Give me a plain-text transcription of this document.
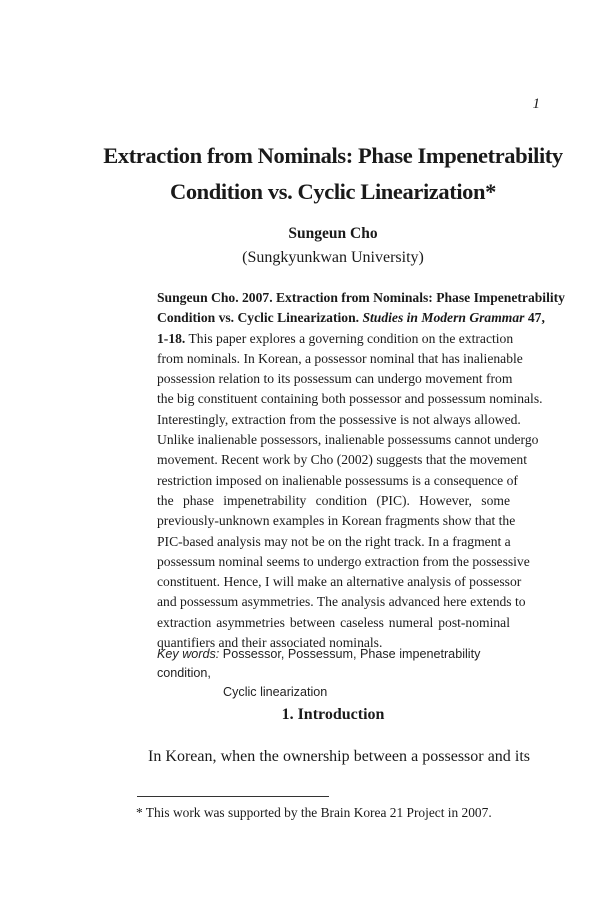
1
Extraction from Nominals: Phase Impenetrability
Condition vs. Cyclic Linearization*
Sungeun Cho
(Sungkyunkwan University)
Sungeun Cho. 2007. Extraction from Nominals: Phase Impenetrability
Condition vs. Cyclic Linearization. Studies in Modern Grammar 47,
1-18. This paper explores a governing condition on the extraction
from nominals. In Korean, a possessor nominal that has inalienable
possession relation to its possessum can undergo movement from
the big constituent containing both possessor and possessum nominals.
Interestingly, extraction from the possessive is not always allowed.
Unlike inalienable possessors, inalienable possessums cannot undergo
movement. Recent work by Cho (2002) suggests that the movement
restriction imposed on inalienable possessums is a consequence of
the phase impenetrability condition (PIC). However, some
previously-unknown examples in Korean fragments show that the
PIC-based analysis may not be on the right track. In a fragment a
possessum nominal seems to undergo extraction from the possessive
constituent. Hence, I will make an alternative analysis of possessor
and possessum asymmetries. The analysis advanced here extends to
extraction asymmetries between caseless numeral post-nominal
quantifiers and their associated nominals.
Key words: Possessor, Possessum, Phase impenetrability condition,
Cyclic linearization
1. Introduction
In Korean, when the ownership between a possessor and its
* This work was supported by the Brain Korea 21 Project in 2007.
